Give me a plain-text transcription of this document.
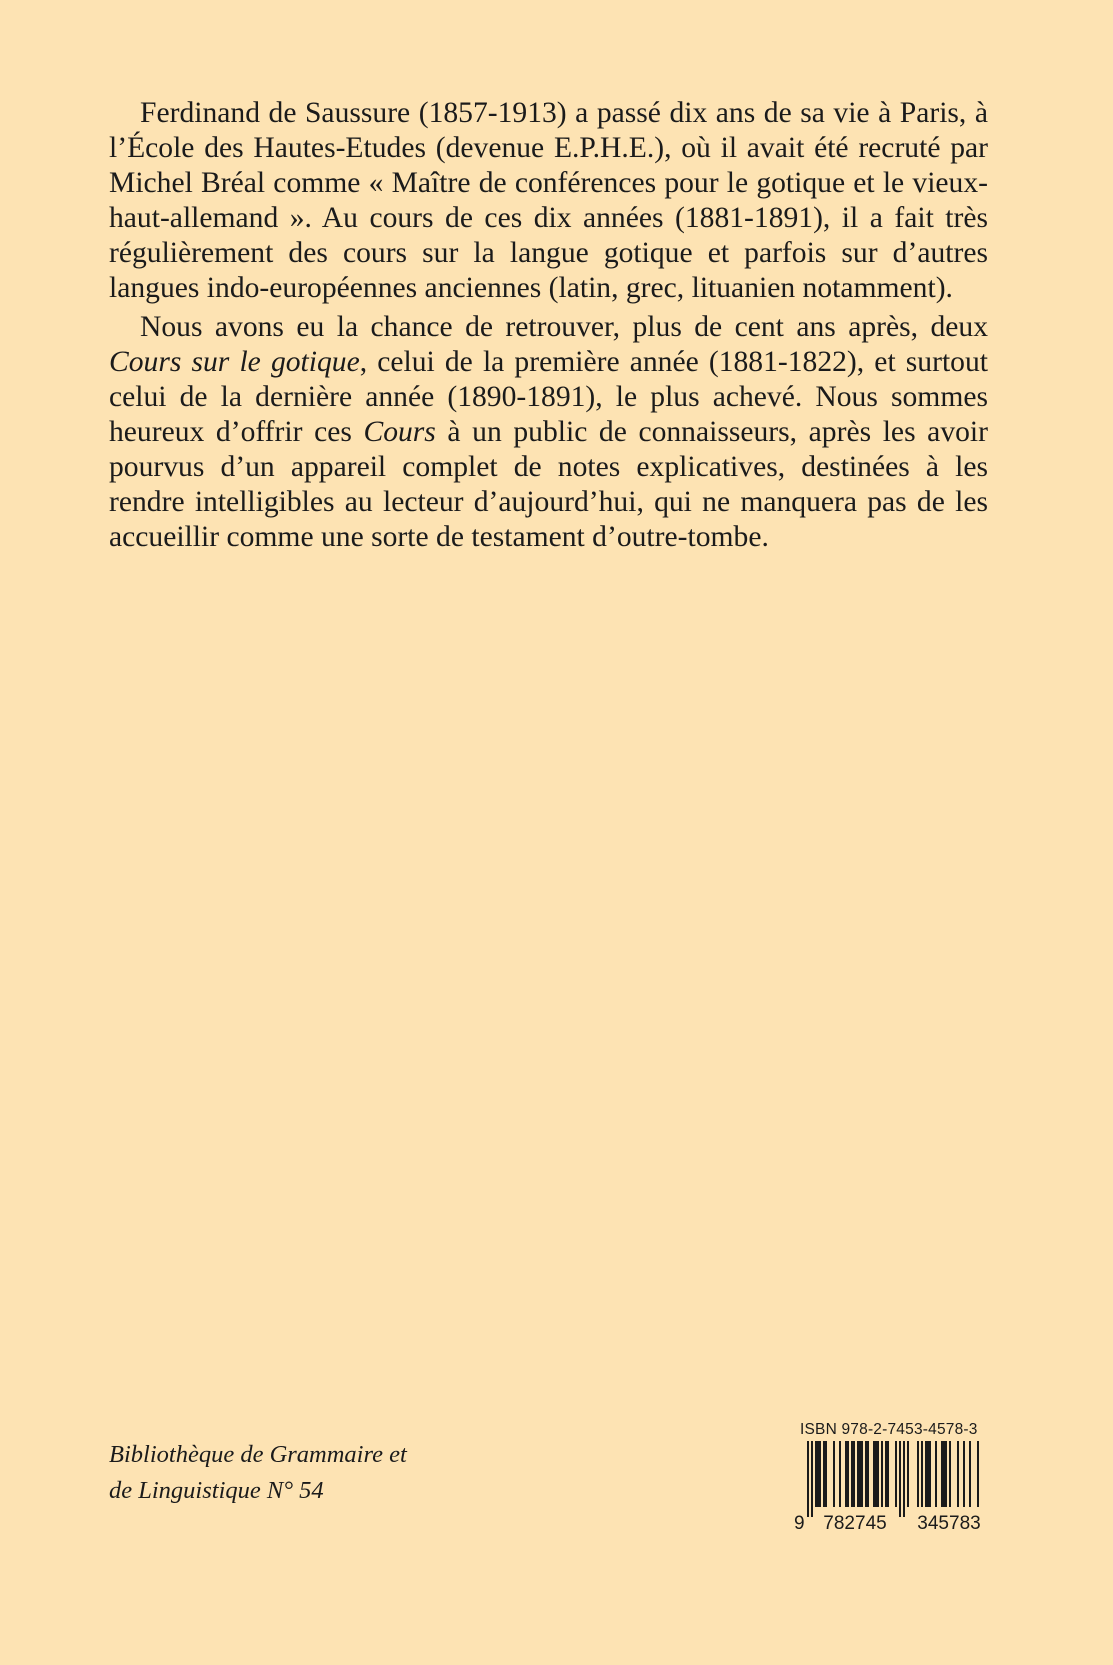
Ferdinand de Saussure (1857-1913) a passé dix ans de sa vie à Paris, à l’École des Hautes-Etudes (devenue E.P.H.E.), où il avait été recruté par Michel Bréal comme « Maître de conférences pour le gotique et le vieux-haut-allemand ». Au cours de ces dix années (1881-1891), il a fait très régulièrement des cours sur la langue gotique et parfois sur d’autres langues indo-européennes anciennes (latin, grec, lituanien notamment).

Nous avons eu la chance de retrouver, plus de cent ans après, deux Cours sur le gotique, celui de la première année (1881-1822), et surtout celui de la dernière année (1890-1891), le plus achevé. Nous sommes heureux d’offrir ces Cours à un public de connaisseurs, après les avoir pourvus d’un appareil complet de notes explicatives, destinées à les rendre intelligibles au lecteur d’aujourd’hui, qui ne manquera pas de les accueillir comme une sorte de testament d’outre-tombe.

Bibliothèque de Grammaire et
de Linguistique N° 54
ISBN 978-2-7453-4578-3
9 782745 345783
